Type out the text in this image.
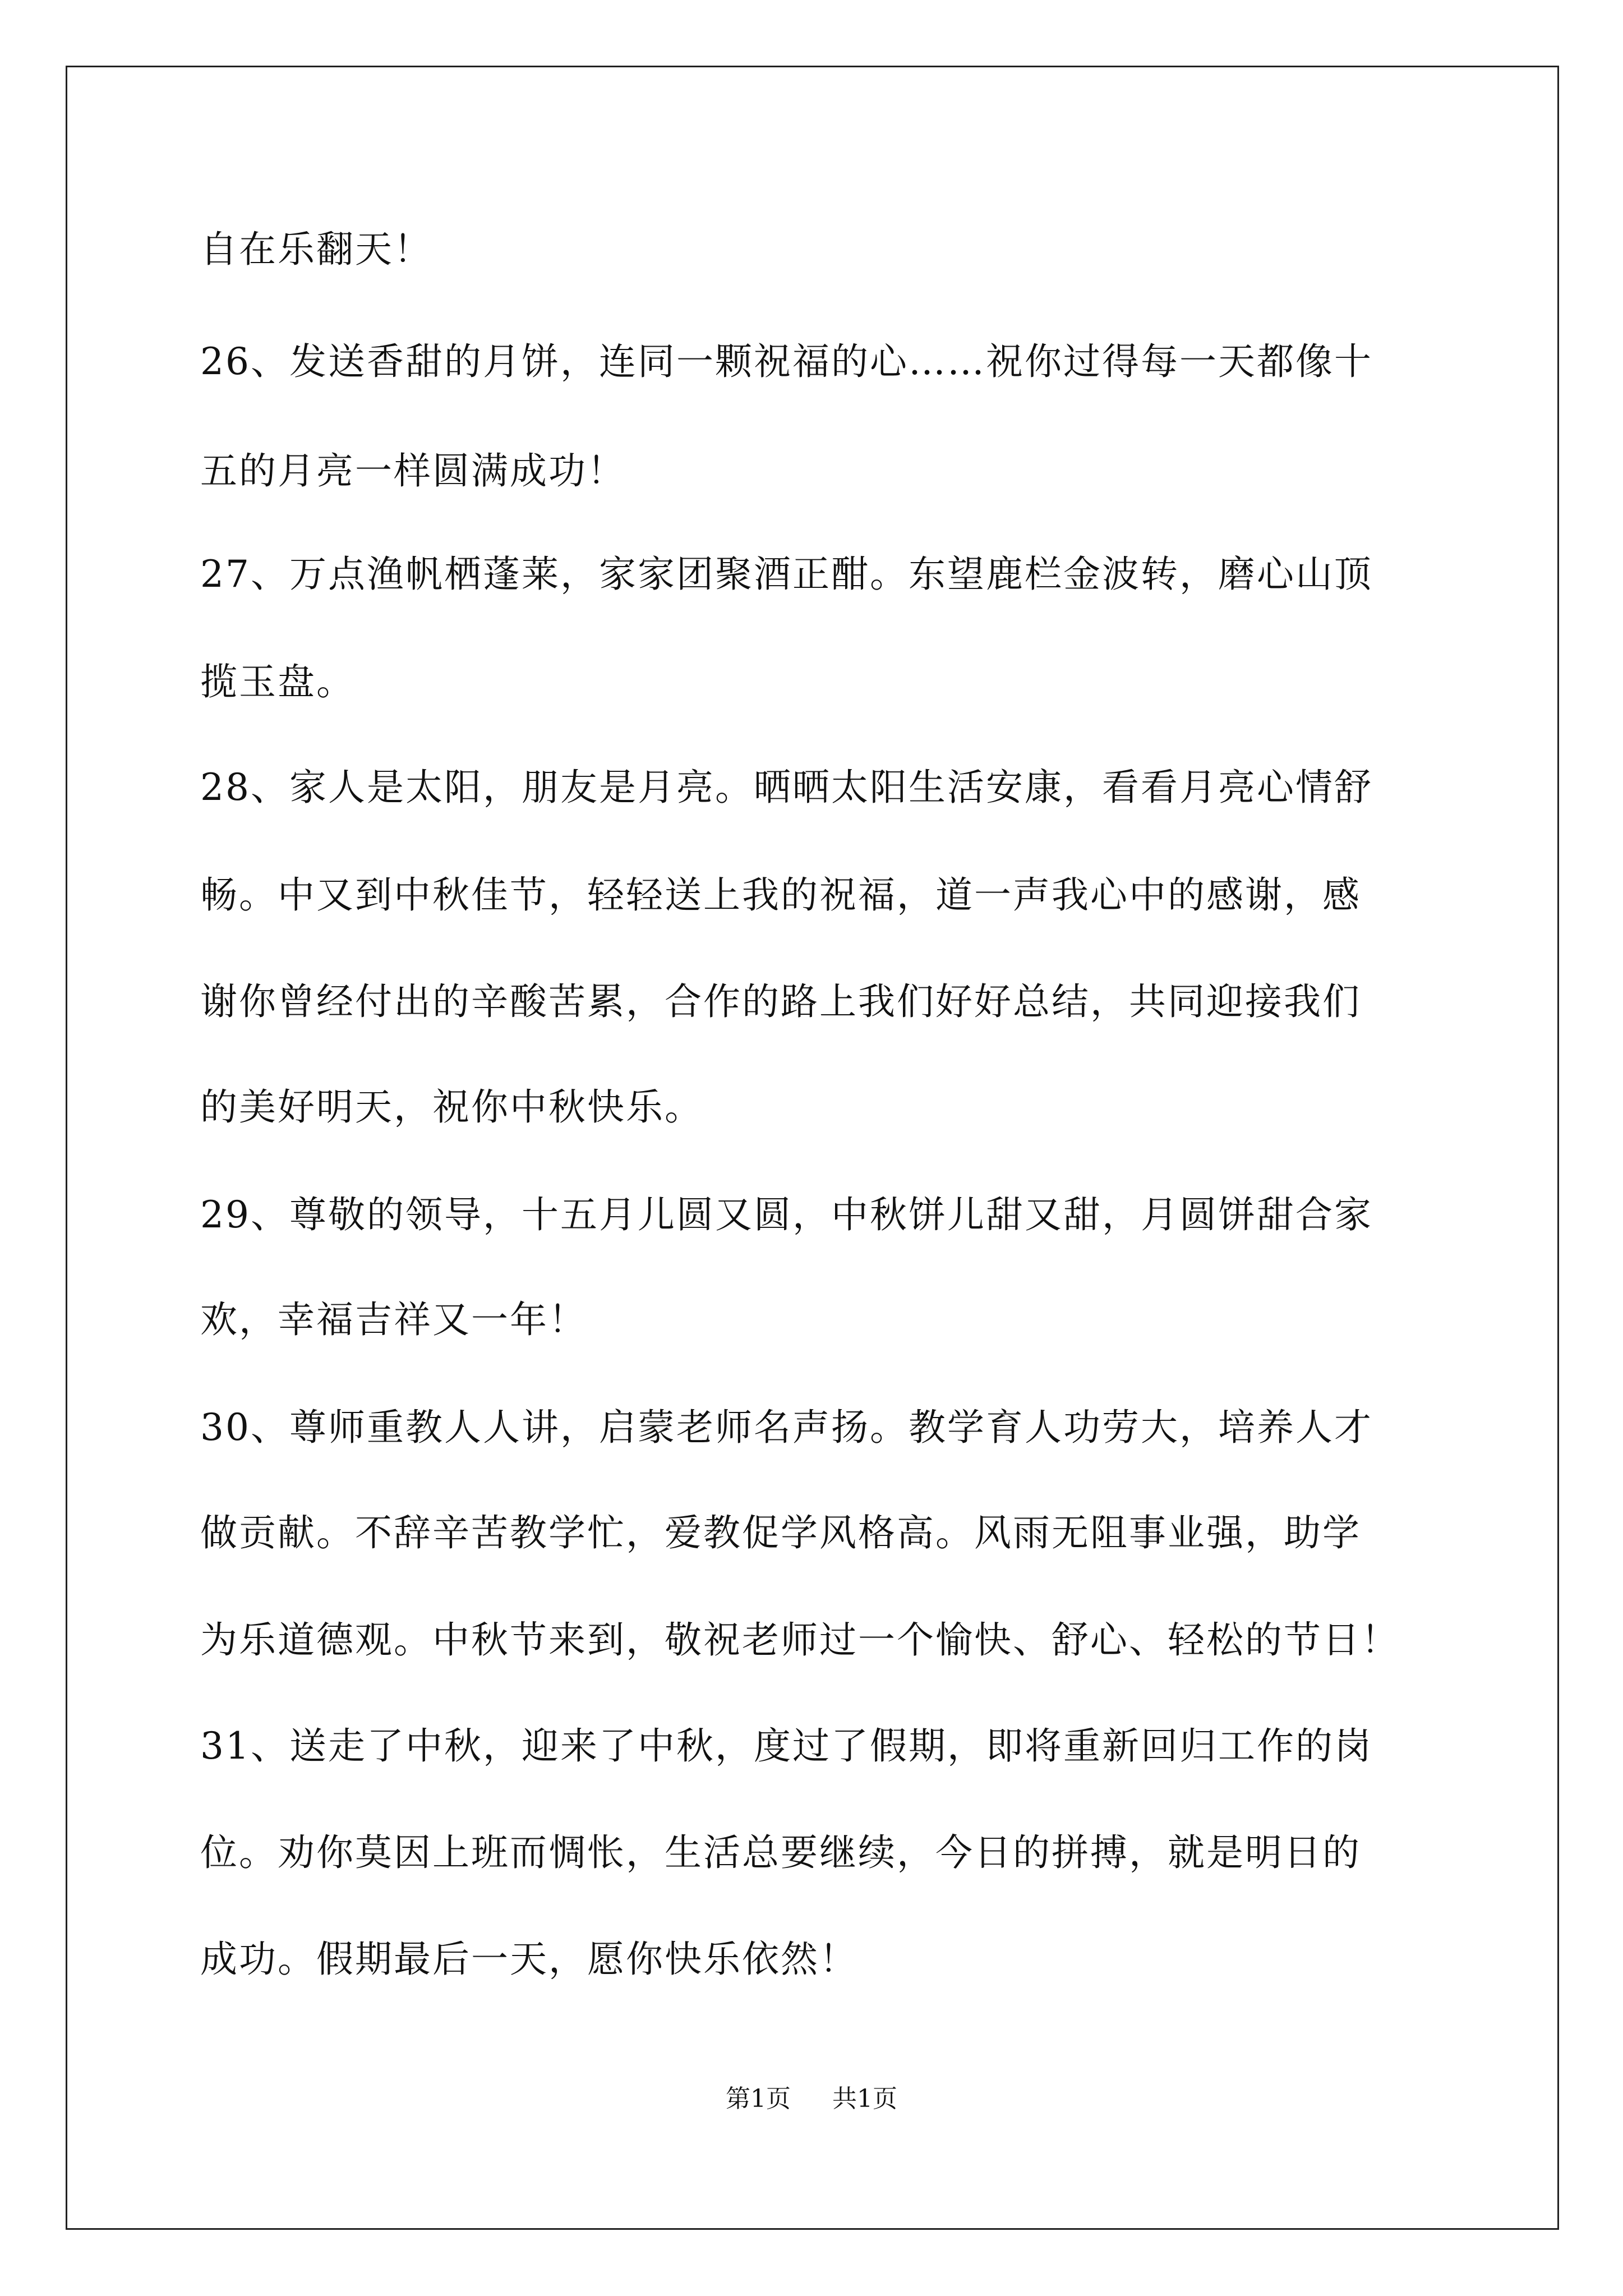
自在乐翻天！
26、发送香甜的月饼，连同一颗祝福的心……祝你过得每一天都像十
五的月亮一样圆满成功！
27、万点渔帆栖蓬莱，家家团聚酒正酣。东望鹿栏金波转，磨心山顶
揽玉盘。
28、家人是太阳，朋友是月亮。晒晒太阳生活安康，看看月亮心情舒
畅。中又到中秋佳节，轻轻送上我的祝福，道一声我心中的感谢，感
谢你曾经付出的辛酸苦累，合作的路上我们好好总结，共同迎接我们
的美好明天，祝你中秋快乐。
29、尊敬的领导，十五月儿圆又圆，中秋饼儿甜又甜，月圆饼甜合家
欢，幸福吉祥又一年！
30、尊师重教人人讲，启蒙老师名声扬。教学育人功劳大，培养人才
做贡献。不辞辛苦教学忙，爱教促学风格高。风雨无阻事业强，助学
为乐道德观。中秋节来到，敬祝老师过一个愉快、舒心、轻松的节日！
31、送走了中秋，迎来了中秋，度过了假期，即将重新回归工作的岗
位。劝你莫因上班而惆怅，生活总要继续，今日的拼搏，就是明日的
成功。假期最后一天，愿你快乐依然！
第1页 共1页
